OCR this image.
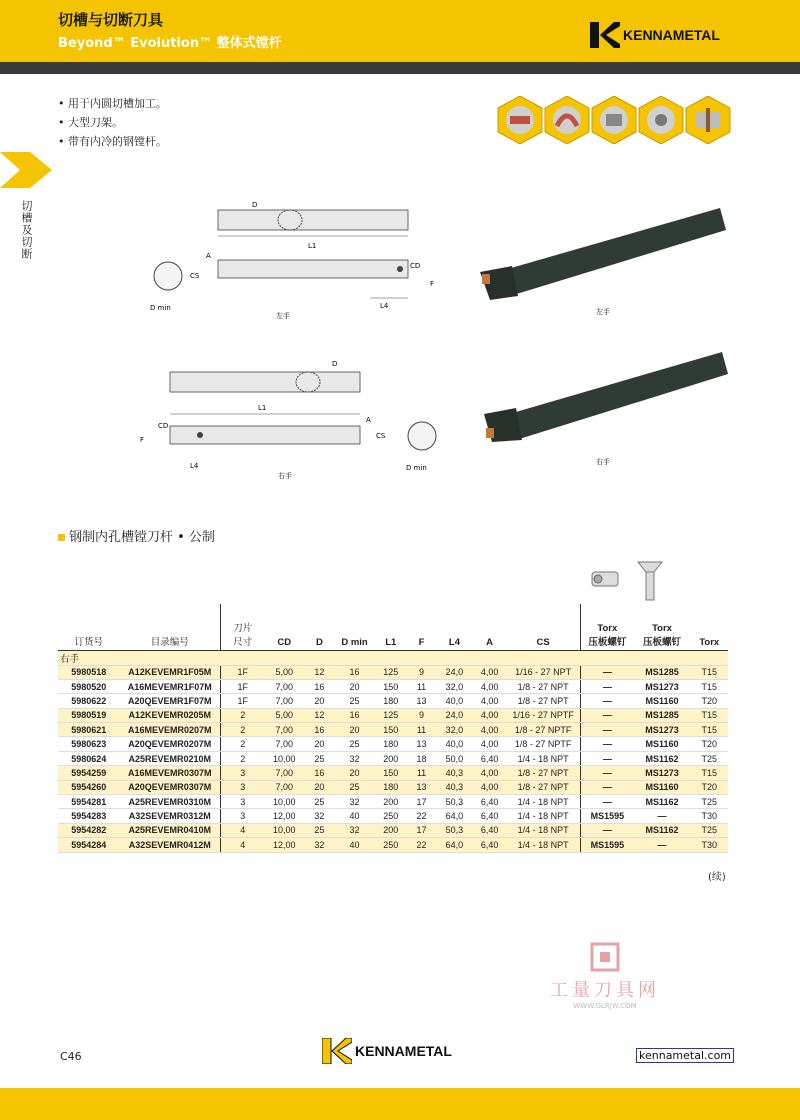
切槽与切断刀具
Beyond™ Evolution™ 整体式镗杆
KENNAMETAL
切槽及切断
• 用于内圆切槽加工。
• 大型刀架。
• 带有内冷的钢镗杆。
D
L1
A
CS
CD
F
L4
D min
左手	左手
D
L1
CD
F
A
CS
L4	D min
右手
右手
钢制内孔槽镗刀杆 • 公制
订货号	目录编号	刀片
尺寸	CD	D	D min	L1	F	L4	A	CS	Torx
压板螺钉	Torx
压板螺钉	Torx
右手													
5980518	A12KEVEMR1F05M	1F	5,00	12	16	125	9	24,0	4,00	1/16 - 27 NPT	—	MS1285	T15
5980520	A16MEVEMR1F07M	1F	7,00	16	20	150	11	32,0	4,00	1/8 - 27 NPT	—	MS1273	T15
5980622	A20QEVEMR1F07M	1F	7,00	20	25	180	13	40,0	4,00	1/8 - 27 NPT	—	MS1160	T20
5980519	A12KEVEMR0205M	2	5,00	12	16	125	9	24,0	4,00	1/16 - 27 NPTF	—	MS1285	T15
5980621	A16MEVEMR0207M	2	7,00	16	20	150	11	32,0	4,00	1/8 - 27 NPTF	—	MS1273	T15
5980623	A20QEVEMR0207M	2	7,00	20	25	180	13	40,0	4,00	1/8 - 27 NPTF	—	MS1160	T20
5980624	A25REVEMR0210M	2	10,00	25	32	200	18	50,0	6,40	1/4 - 18 NPT	—	MS1162	T25
5954259	A16MEVEMR0307M	3	7,00	16	20	150	11	40,3	4,00	1/8 - 27 NPT	—	MS1273	T15
5954260	A20QEVEMR0307M	3	7,00	20	25	180	13	40,3	4,00	1/8 - 27 NPT	—	MS1160	T20
5954281	A25REVEMR0310M	3	10,00	25	32	200	17	50,3	6,40	1/4 - 18 NPT	—	MS1162	T25
5954283	A32SEVEMR0312M	3	12,00	32	40	250	22	64,0	6,40	1/4 - 18 NPT	MS1595	—	T30
5954282	A25REVEMR0410M	4	10,00	25	32	200	17	50,3	6,40	1/4 - 18 NPT	—	MS1162	T25
5954284	A32SEVEMR0412M	4	12,00	32	40	250	22	64,0	6,40	1/4 - 18 NPT	MS1595	—	T30
(续)
工量刀具网
WWW.GLRJW.COM
C46	KENNAMETAL	kennametal.com
